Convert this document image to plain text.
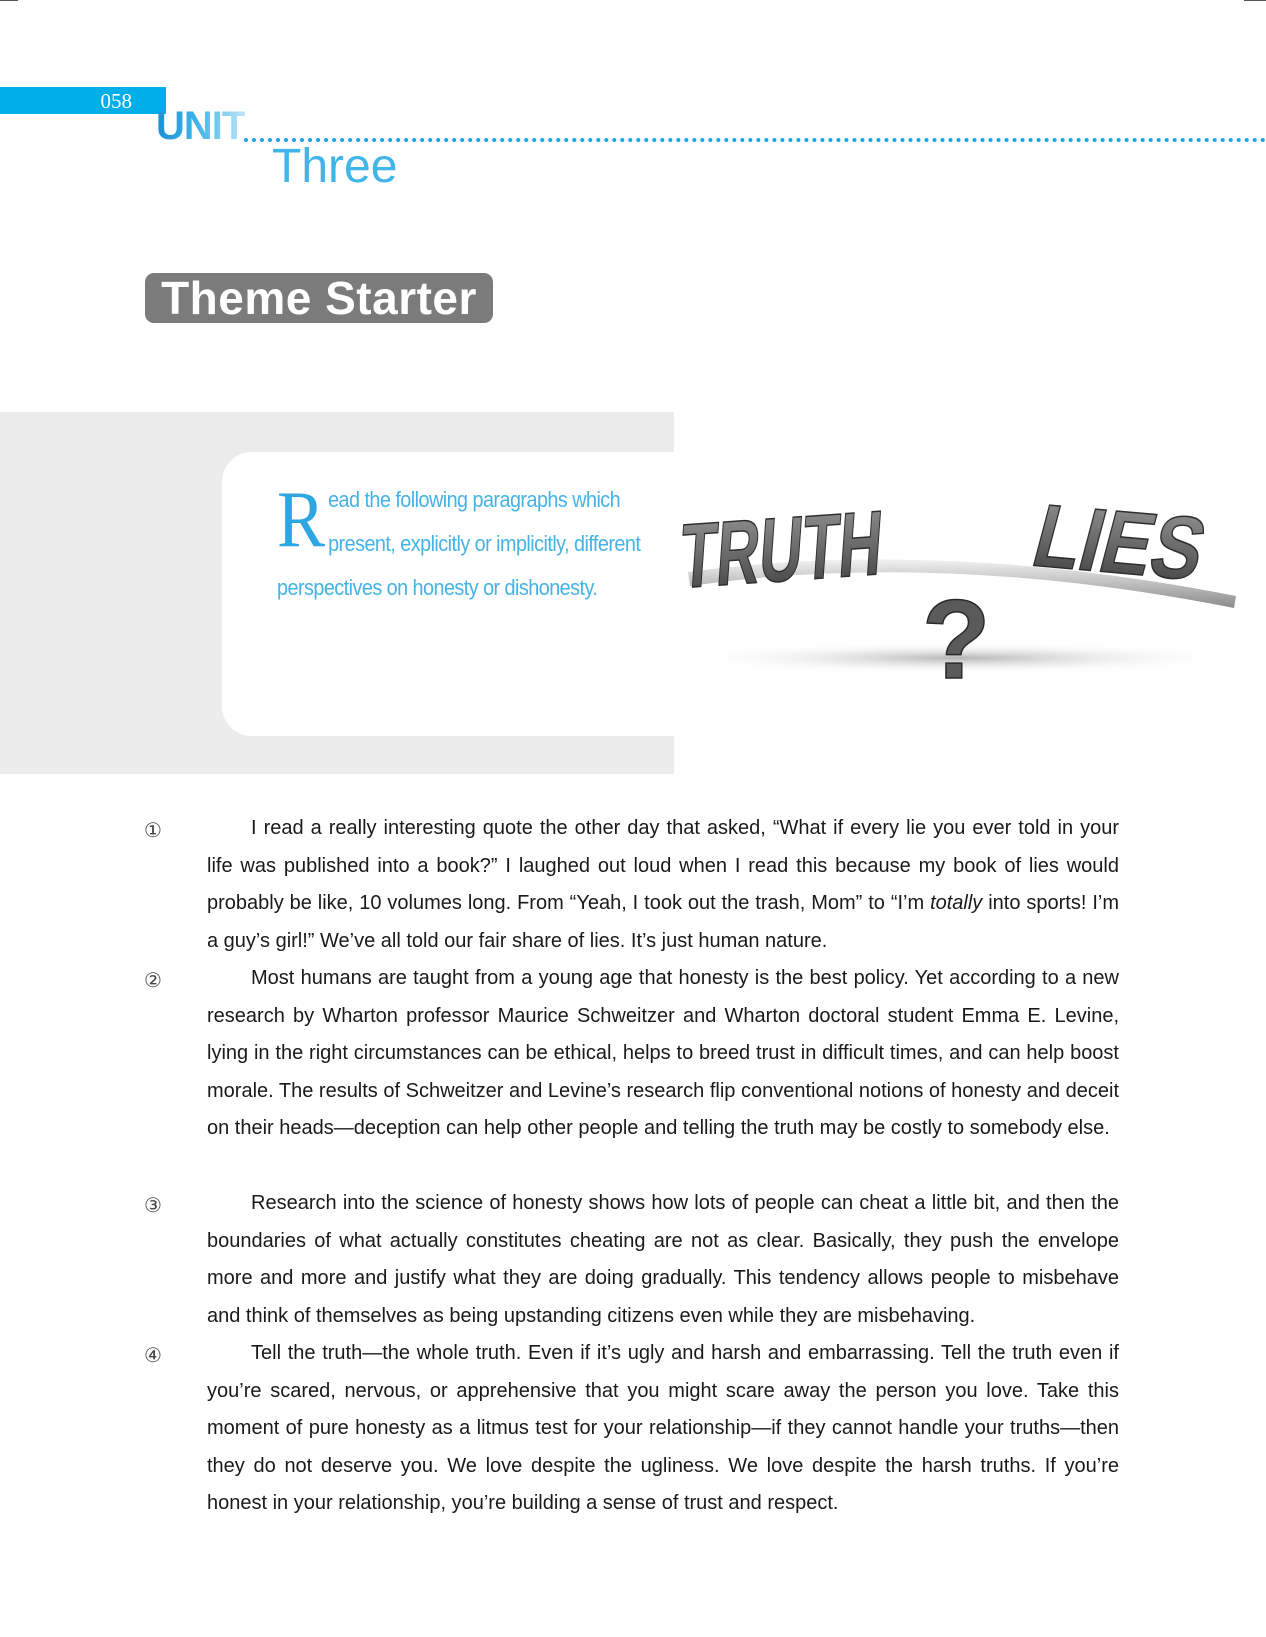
058
UNIT
Three
Theme Starter
Read the following paragraphs which present, explicitly or implicitly, different perspectives on honesty or dishonesty. TRUTH LIES
?
①	I read a really interesting quote the other day that asked, “What if every lie you ever told in your life was published into a book?” I laughed out loud when I read this because my book of lies would probably be like, 10 volumes long. From “Yeah, I took out the trash, Mom” to “I’m totally into sports! I’m a guy’s girl!” We’ve all told our fair share of lies. It’s just human nature.

②	Most humans are taught from a young age that honesty is the best policy. Yet according to a new research by Wharton professor Maurice Schweitzer and Wharton doctoral student Emma E. Levine, lying in the right circumstances can be ethical, helps to breed trust in difficult times, and can help boost morale. The results of Schweitzer and Levine’s research flip conventional notions of honesty and deceit on their heads—deception can help other people and telling the truth may be costly to somebody else.

③	Research into the science of honesty shows how lots of people can cheat a little bit, and then the boundaries of what actually constitutes cheating are not as clear. Basically, they push the envelope more and more and justify what they are doing gradually. This tendency allows people to misbehave and think of themselves as being upstanding citizens even while they are misbehaving.

④	Tell the truth—the whole truth. Even if it’s ugly and harsh and embarrassing. Tell the truth even if you’re scared, nervous, or apprehensive that you might scare away the person you love. Take this moment of pure honesty as a litmus test for your relationship—if they cannot handle your truths—then they do not deserve you. We love despite the ugliness. We love despite the harsh truths. If you’re honest in your relationship, you’re building a sense of trust and respect.
